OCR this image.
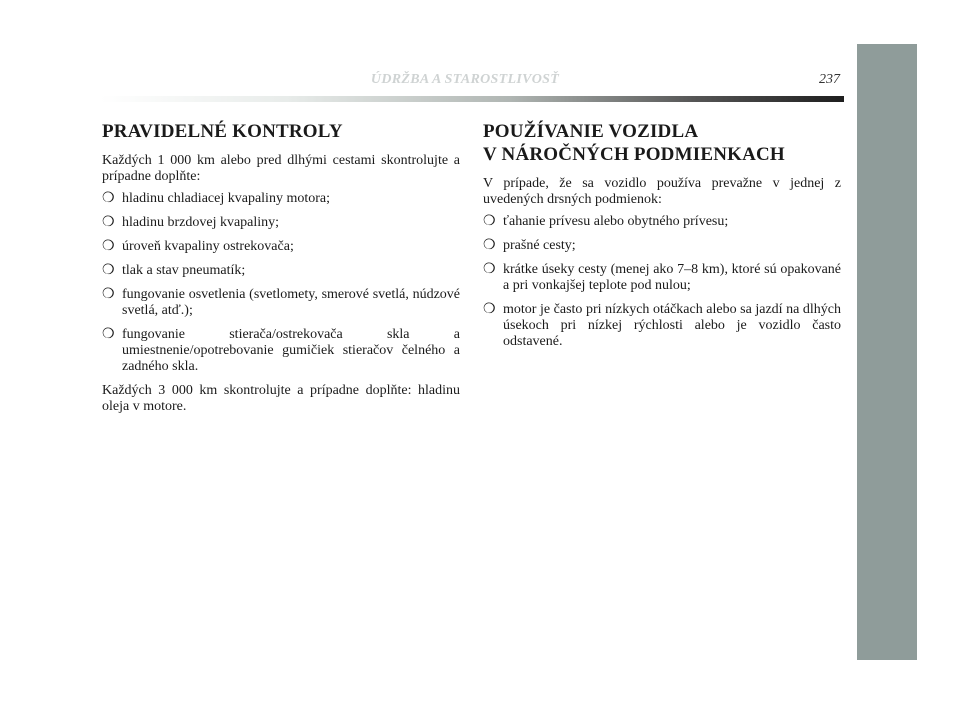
ÚDRŽBA A STAROSTLIVOSŤ	237
PRAVIDELNÉ KONTROLY

Každých 1 000 km alebo pred dlhými cestami skontrolujte a prípadne doplňte:

❍ hladinu chladiacej kvapaliny motora;
❍ hladinu brzdovej kvapaliny;
❍ úroveň kvapaliny ostrekovača;
❍ tlak a stav pneumatík;
❍ fungovanie osvetlenia (svetlomety, smerové svetlá, núdzové svetlá, atď.);
❍ fungovanie stierača/ostrekovača skla a umiestnenie/opotrebovanie gumičiek stieračov čelného a zadného skla.

Každých 3 000 km skontrolujte a prípadne doplňte: hladinu oleja v motore.

POUŽÍVANIE VOZIDLA
V NÁROČNÝCH PODMIENKACH

V prípade, že sa vozidlo používa prevažne v jednej z uvedených drsných podmienok:

❍ ťahanie prívesu alebo obytného prívesu;
❍ prašné cesty;
❍ krátke úseky cesty (menej ako 7–8 km), ktoré sú opakované a pri vonkajšej teplote pod nulou;
❍ motor je často pri nízkych otáčkach alebo sa jazdí na dlhých úsekoch pri nízkej rýchlosti alebo je vozidlo často odstavené.
